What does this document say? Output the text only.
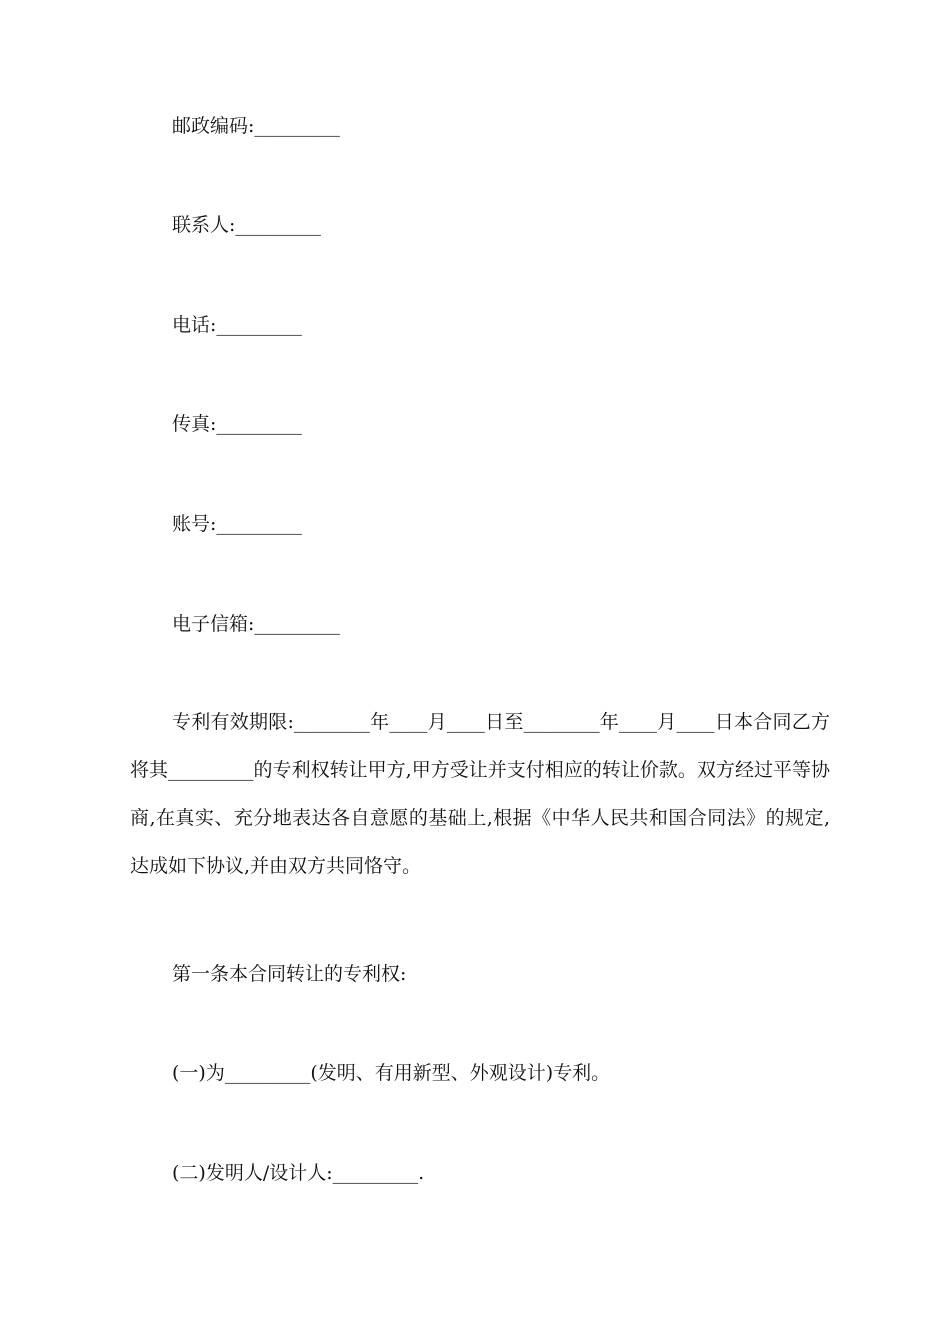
邮政编码:_________
联系人:_________
电话:_________
传真:_________
账号:_________
电子信箱:_________
专利有效期限:________年____月____日至________年____月____日本合同乙方将其_________的专利权转让甲方,甲方受让并支付相应的转让价款。双方经过平等协商,在真实、充分地表达各自意愿的基础上,根据《中华人民共和国合同法》的规定,达成如下协议,并由双方共同恪守。
第一条本合同转让的专利权:
(一)为_________(发明、有用新型、外观设计)专利。
(二)发明人/设计人:_________.
